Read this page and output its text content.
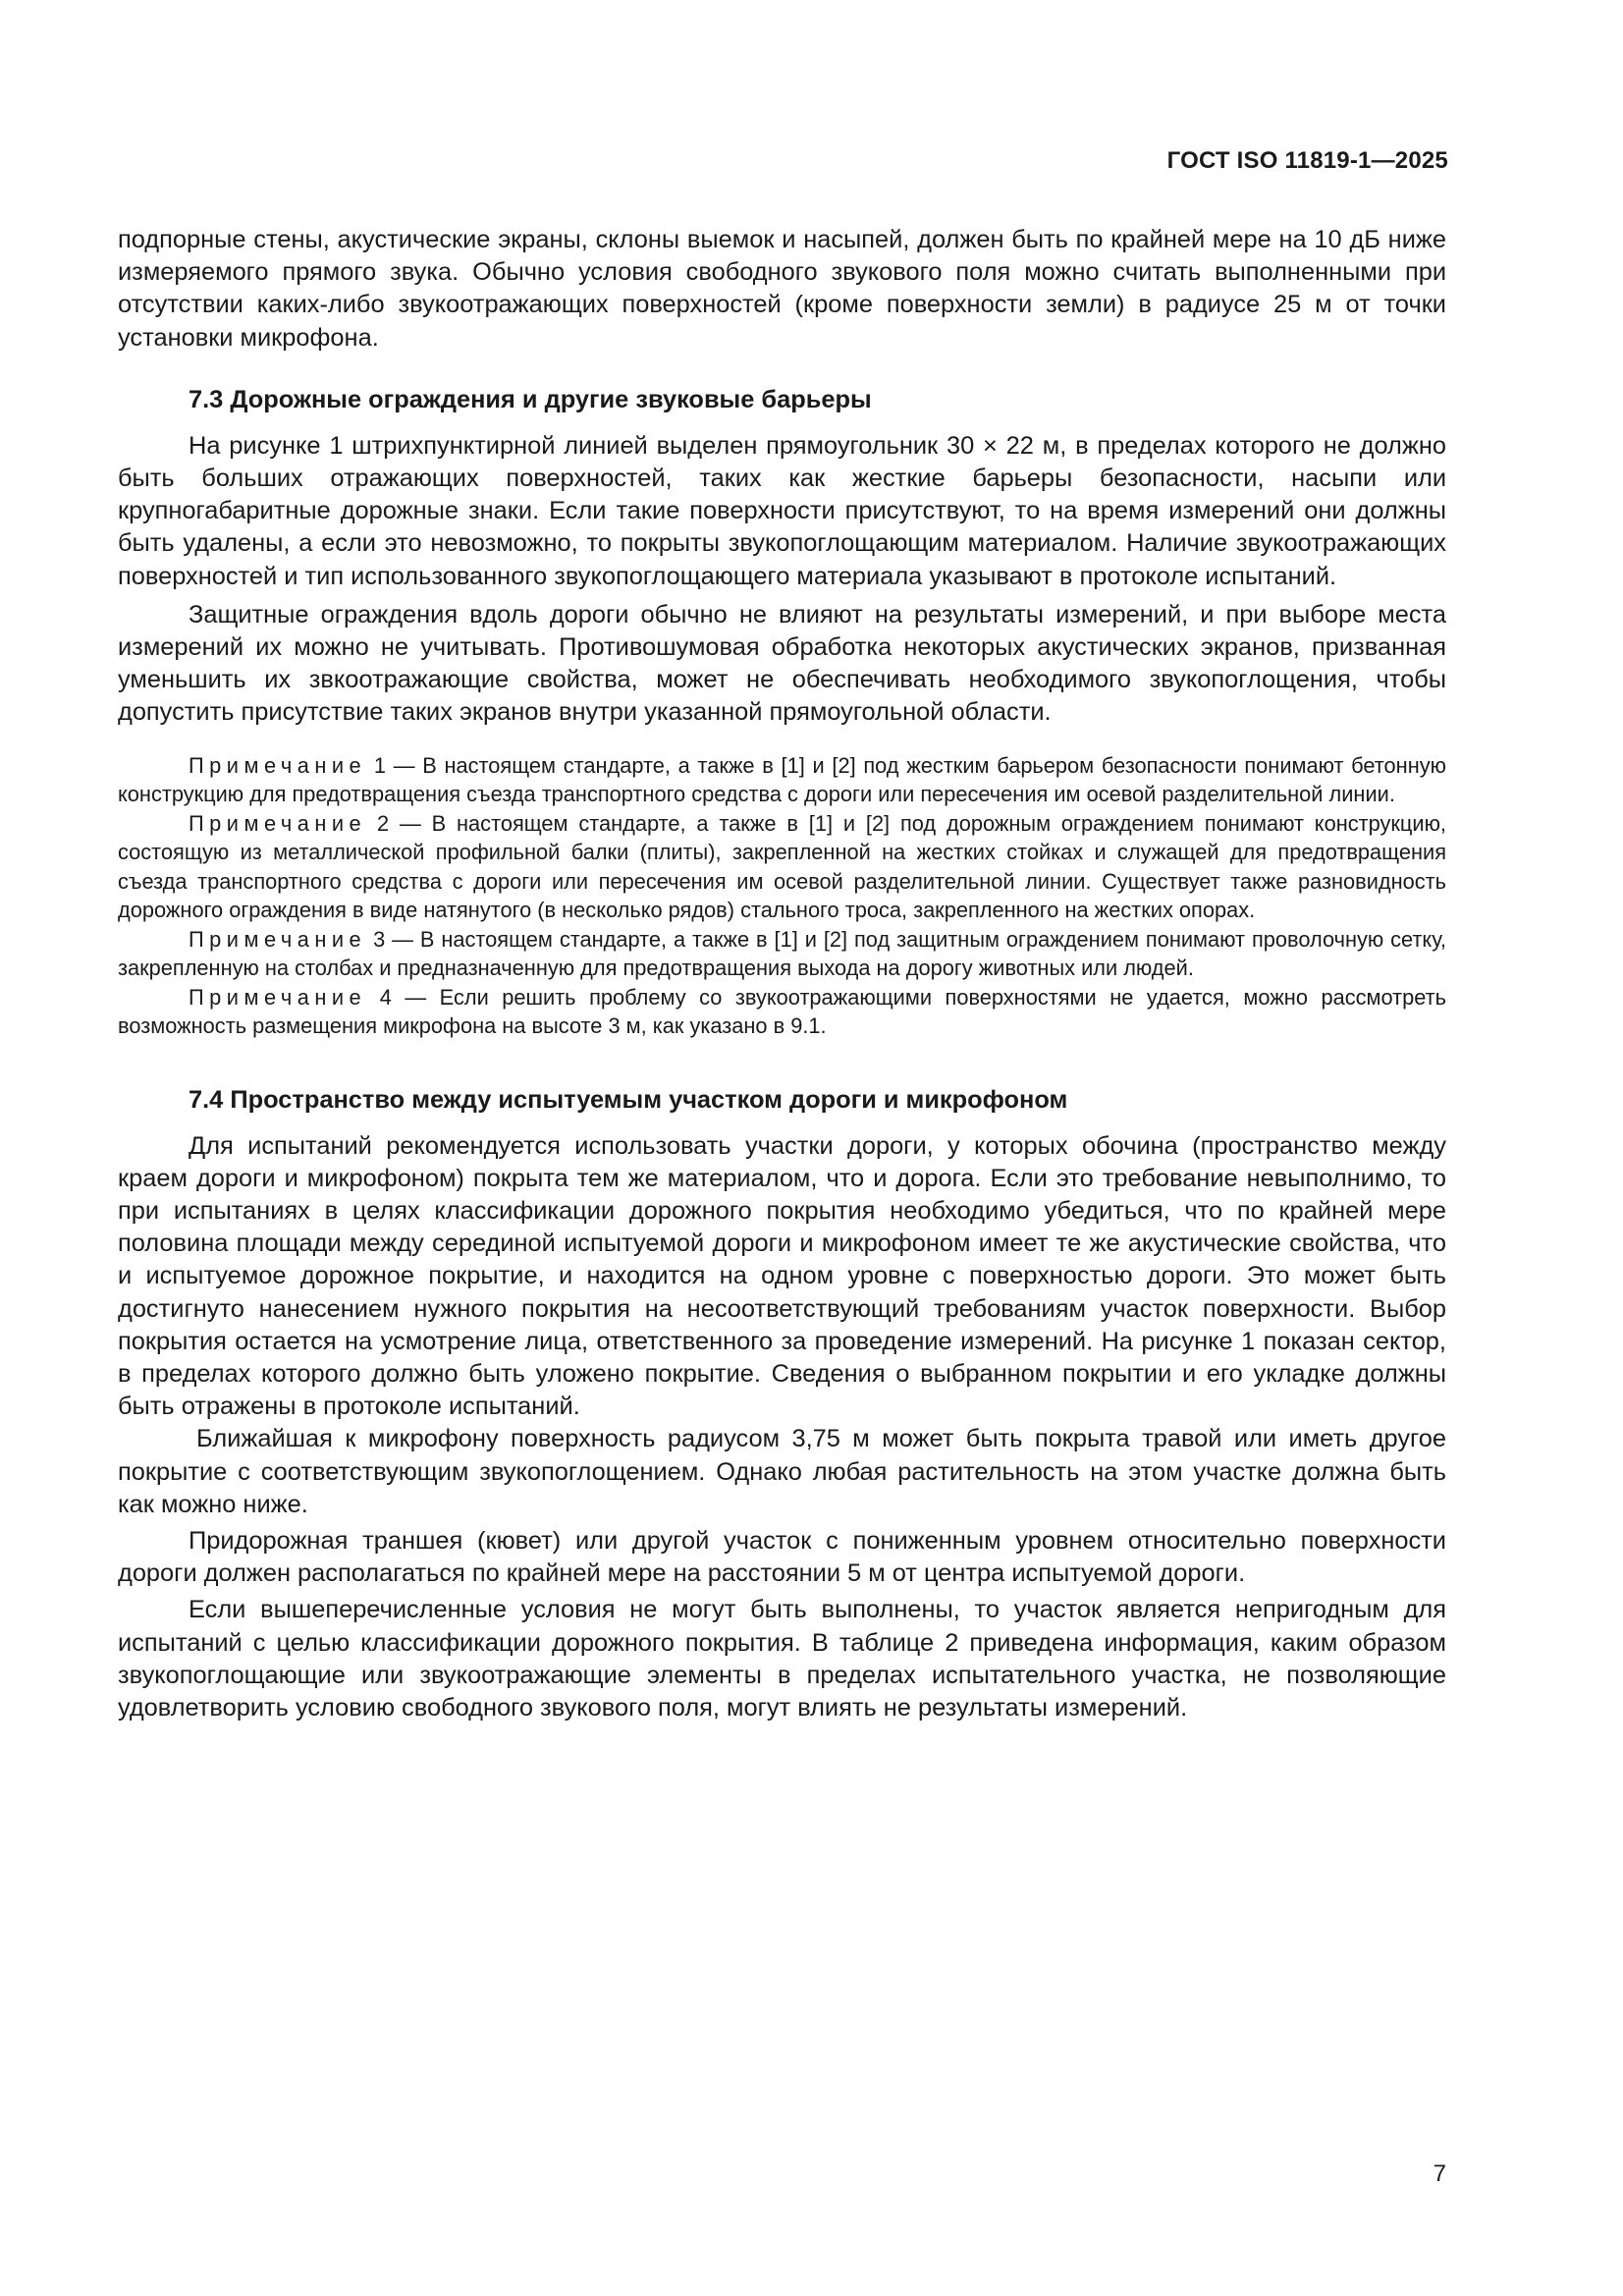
ГОСТ ISO 11819-1—2025

подпорные стены, акустические экраны, склоны выемок и насыпей, должен быть по крайней мере на 10 дБ ниже измеряемого прямого звука. Обычно условия свободного звукового поля можно считать выполненными при отсутствии каких-либо звукоотражающих поверхностей (кроме поверхности земли) в радиусе 25 м от точки установки микрофона.

7.3 Дорожные ограждения и другие звуковые барьеры

На рисунке 1 штрихпунктирной линией выделен прямоугольник 30 × 22 м, в пределах которого не должно быть больших отражающих поверхностей, таких как жесткие барьеры безопасности, насыпи или крупногабаритные дорожные знаки. Если такие поверхности присутствуют, то на время измерений они должны быть удалены, а если это невозможно, то покрыты звукопоглощающим материалом. Наличие звукоотражающих поверхностей и тип использованного звукопоглощающего материала указывают в протоколе испытаний.

Защитные ограждения вдоль дороги обычно не влияют на результаты измерений, и при выборе места измерений их можно не учитывать. Противошумовая обработка некоторых акустических экранов, призванная уменьшить их звкоотражающие свойства, может не обеспечивать необходимого звукопоглощения, чтобы допустить присутствие таких экранов внутри указанной прямоугольной области.

Примечание 1 — В настоящем стандарте, а также в [1] и [2] под жестким барьером безопасности понимают бетонную конструкцию для предотвращения съезда транспортного средства с дороги или пересечения им осевой разделительной линии.

Примечание 2 — В настоящем стандарте, а также в [1] и [2] под дорожным ограждением понимают конструкцию, состоящую из металлической профильной балки (плиты), закрепленной на жестких стойках и служащей для предотвращения съезда транспортного средства с дороги или пересечения им осевой разделительной линии. Существует также разновидность дорожного ограждения в виде натянутого (в несколько рядов) стального троса, закрепленного на жестких опорах.

Примечание 3 — В настоящем стандарте, а также в [1] и [2] под защитным ограждением понимают проволочную сетку, закрепленную на столбах и предназначенную для предотвращения выхода на дорогу животных или людей.

Примечание 4 — Если решить проблему со звукоотражающими поверхностями не удается, можно рассмотреть возможность размещения микрофона на высоте 3 м, как указано в 9.1.

7.4 Пространство между испытуемым участком дороги и микрофоном

Для испытаний рекомендуется использовать участки дороги, у которых обочина (пространство между краем дороги и микрофоном) покрыта тем же материалом, что и дорога. Если это требование невыполнимо, то при испытаниях в целях классификации дорожного покрытия необходимо убедиться, что по крайней мере половина площади между серединой испытуемой дороги и микрофоном имеет те же акустические свойства, что и испытуемое дорожное покрытие, и находится на одном уровне с поверхностью дороги. Это может быть достигнуто нанесением нужного покрытия на несоответствующий требованиям участок поверхности. Выбор покрытия остается на усмотрение лица, ответственного за проведение измерений. На рисунке 1 показан сектор, в пределах которого должно быть уложено покрытие. Сведения о выбранном покрытии и его укладке должны быть отражены в протоколе испытаний.

Ближайшая к микрофону поверхность радиусом 3,75 м может быть покрыта травой или иметь другое покрытие с соответствующим звукопоглощением. Однако любая растительность на этом участке должна быть как можно ниже.

Придорожная траншея (кювет) или другой участок с пониженным уровнем относительно поверхности дороги должен располагаться по крайней мере на расстоянии 5 м от центра испытуемой дороги.

Если вышеперечисленные условия не могут быть выполнены, то участок является непригодным для испытаний с целью классификации дорожного покрытия. В таблице 2 приведена информация, каким образом звукопоглощающие или звукоотражающие элементы в пределах испытательного участка, не позволяющие удовлетворить условию свободного звукового поля, могут влиять не результаты измерений.

7
